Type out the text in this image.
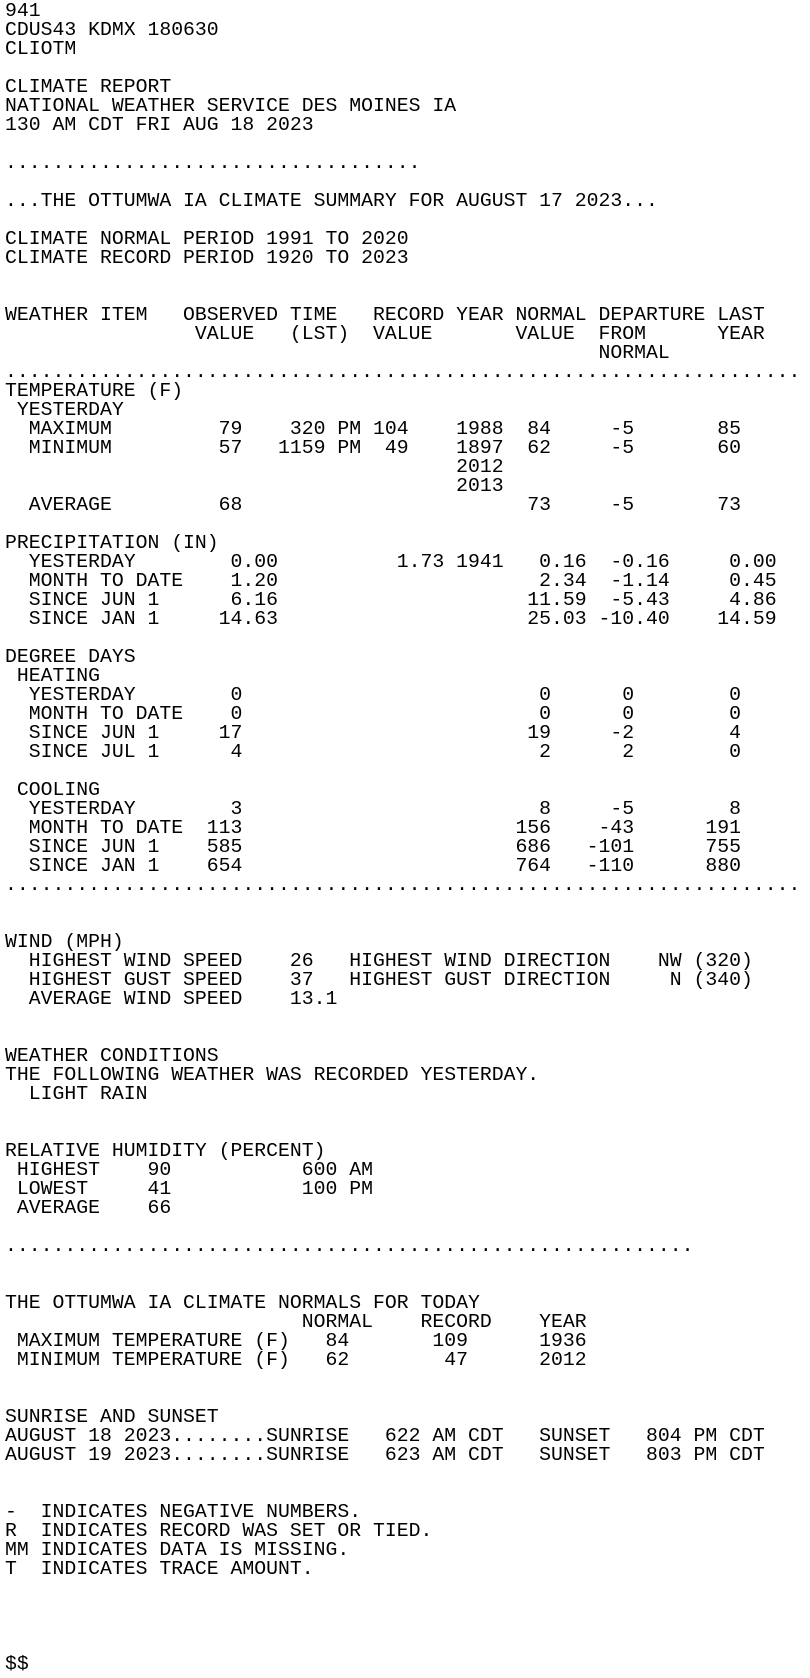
941
CDUS43 KDMX 180630
CLIOTM
CLIMATE REPORT
NATIONAL WEATHER SERVICE DES MOINES IA
130 AM CDT FRI AUG 18 2023
...................................
...THE OTTUMWA IA CLIMATE SUMMARY FOR AUGUST 17 2023...
CLIMATE NORMAL PERIOD 1991 TO 2020
CLIMATE RECORD PERIOD 1920 TO 2023
WEATHER ITEM   OBSERVED TIME   RECORD YEAR NORMAL DEPARTURE LAST
VALUE   (LST)  VALUE       VALUE  FROM      YEAR
NORMAL
...................................................................
TEMPERATURE (F)
YESTERDAY
MAXIMUM         79    320 PM 104    1988  84     -5       85
MINIMUM         57   1159 PM  49    1897  62     -5       60
2012
2013
AVERAGE         68                        73     -5       73
PRECIPITATION (IN)
YESTERDAY        0.00          1.73 1941   0.16  -0.16     0.00
MONTH TO DATE    1.20                      2.34  -1.14     0.45
SINCE JUN 1      6.16                     11.59  -5.43     4.86
SINCE JAN 1     14.63                     25.03 -10.40    14.59
DEGREE DAYS
HEATING
YESTERDAY        0                         0      0        0
MONTH TO DATE    0                         0      0        0
SINCE JUN 1     17                        19     -2        4
SINCE JUL 1      4                         2      2        0
COOLING
YESTERDAY        3                         8     -5        8
MONTH TO DATE  113                       156    -43      191
SINCE JUN 1    585                       686   -101      755
SINCE JAN 1    654                       764   -110      880
...................................................................
WIND (MPH)
HIGHEST WIND SPEED    26   HIGHEST WIND DIRECTION    NW (320)
HIGHEST GUST SPEED    37   HIGHEST GUST DIRECTION     N (340)
AVERAGE WIND SPEED    13.1
WEATHER CONDITIONS
THE FOLLOWING WEATHER WAS RECORDED YESTERDAY.
LIGHT RAIN
RELATIVE HUMIDITY (PERCENT)
HIGHEST    90           600 AM
LOWEST     41           100 PM
AVERAGE    66
..........................................................
THE OTTUMWA IA CLIMATE NORMALS FOR TODAY
NORMAL    RECORD    YEAR
MAXIMUM TEMPERATURE (F)   84       109      1936
MINIMUM TEMPERATURE (F)   62        47      2012
SUNRISE AND SUNSET
AUGUST 18 2023........SUNRISE   622 AM CDT   SUNSET   804 PM CDT
AUGUST 19 2023........SUNRISE   623 AM CDT   SUNSET   803 PM CDT
-  INDICATES NEGATIVE NUMBERS.
R  INDICATES RECORD WAS SET OR TIED.
MM INDICATES DATA IS MISSING.
T  INDICATES TRACE AMOUNT.
$$
